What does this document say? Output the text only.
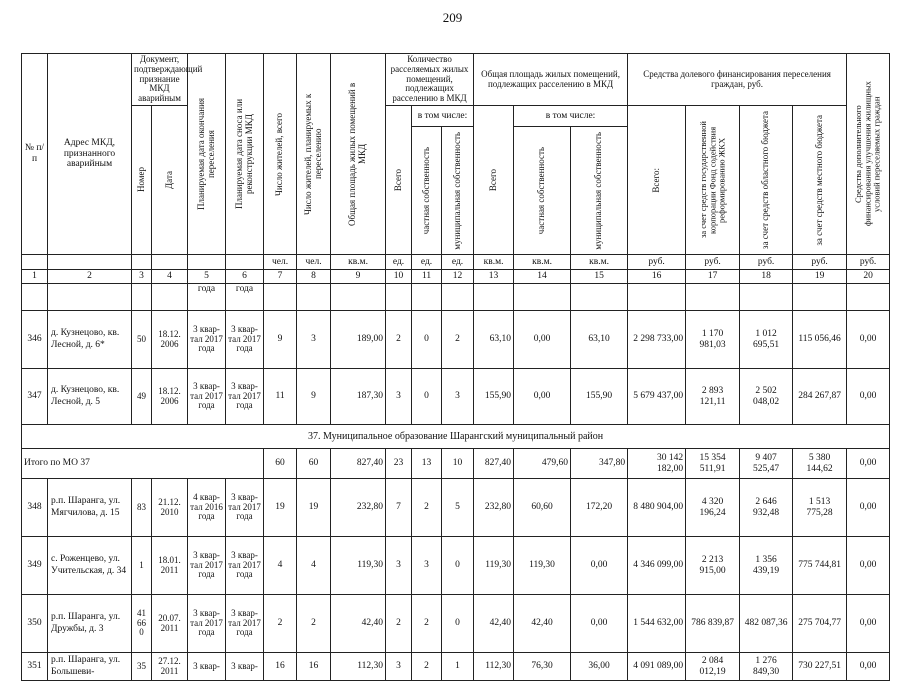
209
№ п/п	Адрес МКД, признанного аварийным	Документ, подтверждающий признание МКД аварийным		Планируемая дата окончания переселения	Планируемая дата сноса или реконструкции МКД	Число жителей, всего	Число жителей, планируемых к переселению	Общая площадь жилых помещений в МКД	Количество расселяемых жилых помещений, подлежащих расселению в МКД			Общая площадь жилых помещений, подлежащих расселению в МКД			Средства долевого финансирования переселения граждан, руб.				Средства дополнительного финансирования улучшения жилищных условий переселяемых граждан

		Номер	Дата						Всего	в том числе:		Всего	в том числе:		Всего:	за счет средств государственной корпорации Фонд содействия реформированию ЖКХ	за счет средств областного бюджета	за счет средств местного бюджета	

										частная собственность	муниципальная собственность		частная собственность	муниципальная собственность					

						чел.	чел.	кв.м.	ед.	ед.	ед.	кв.м.	кв.м.	кв.м.	руб.	руб.	руб.	руб.	руб.
1	2	3	4	5	6	7	8	9	10	11	12	13	14	15	16	17	18	19	20
				года	года														
346	д. Кузнецово, кв. Лесной, д. 6*	50	18.12. 2006	3 квар- тал 2017 года	3 квар- тал 2017 года	9	3	189,00	2	0	2	63,10	0,00	63,10	2 298 733,00	1 170 981,03	1 012 695,51	115 056,46	0,00
347	д. Кузнецово, кв. Лесной, д. 5	49	18.12. 2006	3 квар- тал 2017 года	3 квар- тал 2017 года	11	9	187,30	3	0	3	155,90	0,00	155,90	5 679 437,00	2 893 121,11	2 502 048,02	284 267,87	0,00
37. Муниципальное образование Шарангский муниципальный район																			
Итого по МО 37						60	60	827,40	23	13	10	827,40	479,60	347,80	30 142 182,00	15 354 511,91	9 407 525,47	5 380 144,62	0,00
348	р.п. Шаранга, ул. Мягчилова, д. 15	83	21.12. 2010	4 квар- тал 2016 года	3 квар- тал 2017 года	19	19	232,80	7	2	5	232,80	60,60	172,20	8 480 904,00	4 320 196,24	2 646 932,48	1 513 775,28	0,00
349	с. Роженцево, ул. Учительская, д. 34	1	18.01. 2011	3 квар- тал 2017 года	3 квар- тал 2017 года	4	4	119,30	3	3	0	119,30	119,30	0,00	4 346 099,00	2 213 915,00	1 356 439,19	775 744,81	0,00
350	р.п. Шаранга, ул. Дружбы, д. 3	41 66 0	20.07. 2011	3 квар- тал 2017 года	3 квар- тал 2017 года	2	2	42,40	2	2	0	42,40	42,40	0,00	1 544 632,00	786 839,87	482 087,36	275 704,77	0,00
351	р.п. Шаранга, ул. Большеви-	35	27.12. 2011	3 квар-	3 квар-	16	16	112,30	3	2	1	112,30	76,30	36,00	4 091 089,00	2 084 012,19	1 276 849,30	730 227,51	0,00
